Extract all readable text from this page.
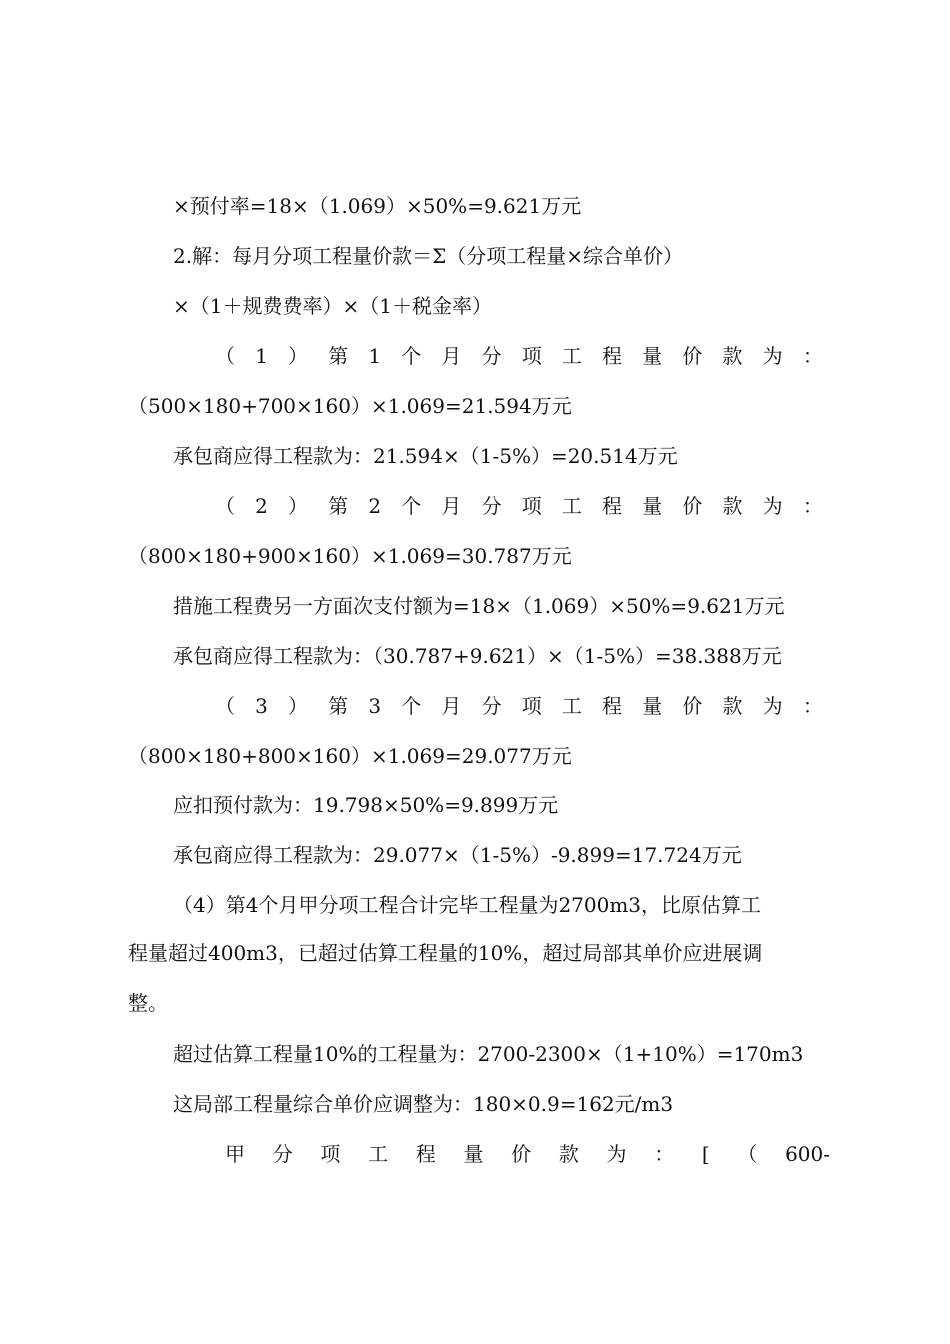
×预付率=18×（1.069）×50%=9.621万元
2.解：每月分项工程量价款＝Σ（分项工程量×综合单价）
×（1＋规费费率）×（1＋税金率）
（ 1 ） 第 1 个 月 分 项 工 程 量 价 款 为 ：
（500×180+700×160）×1.069=21.594万元
承包商应得工程款为：21.594×（1-5%）=20.514万元
（ 2 ） 第 2 个 月 分 项 工 程 量 价 款 为 ：
（800×180+900×160）×1.069=30.787万元
措施工程费另一方面次支付额为=18×（1.069）×50%=9.621万元
承包商应得工程款为：（30.787+9.621）×（1-5%）=38.388万元
（ 3 ） 第 3 个 月 分 项 工 程 量 价 款 为 ：
（800×180+800×160）×1.069=29.077万元
应扣预付款为：19.798×50%=9.899万元
承包商应得工程款为：29.077×（1-5%）-9.899=17.724万元
（4）第4个月甲分项工程合计完毕工程量为2700m3，比原估算工
程量超过400m3，已超过估算工程量的10%，超过局部其单价应进展调
整。
超过估算工程量10%的工程量为：2700-2300×（1+10%）=170m3
这局部工程量综合单价应调整为：180×0.9=162元/m3
甲 分 项 工 程 量 价 款 为 ： [ （ 600-
